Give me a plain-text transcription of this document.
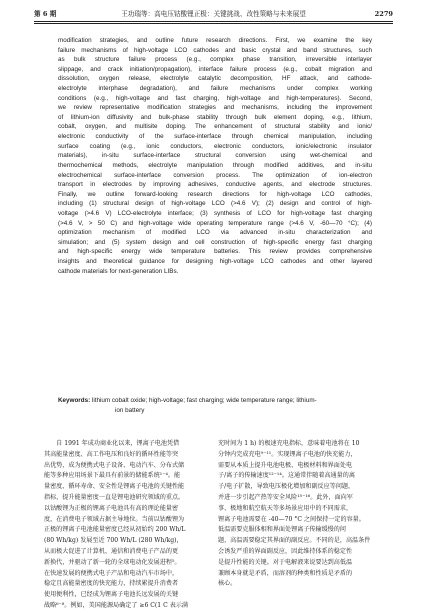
第 6 期	王功瑞等：高电压钴酸锂正极：关键挑战、改性策略与未来展望	2279
modification strategies, and outline future research directions. First, we examine the key
failure mechanisms of high-voltage LCO cathodes and basic crystal and band structures, such
as bulk structure failure process (e.g., complex phase transition, irreversible interlayer
slippage, and crack initiation/propagation), interface failure process (e.g., cobalt migration and
dissolution, oxygen release, electrolyte catalytic decomposition, HF attack, and cathode-
electrolyte interphase degradation), and failure mechanisms under complex working
conditions (e.g., high-voltage and fast charging, high-voltage and high-temperatures). Second,
we review representative modification strategies and mechanisms, including the improvement
of lithium-ion diffusivity and bulk-phase stability through bulk element doping, e.g., lithium,
cobalt, oxygen, and multisite doping. The enhancement of structural stability and ionic/
electronic conductivity of the surface-interface through chemical manipulation, including
surface coating (e.g., ionic conductors, electronic conductors, ionic/electronic insulator
materials), in-situ surface-interface structural conversion using wet-chemical and
thermochemical methods, electrolyte manipulation through modified additives, and in-situ
electrochemical surface-interface conversion process. The optimization of ion-electron
transport in electrodes by improving adhesives, conductive agents, and electrode structures.
Finally, we outline forward-looking research directions for high-voltage LCO cathodes,
including (1) structural design of high-voltage LCO (>4.6 V); (2) design and control of high-
voltage (>4.6 V) LCO-electrolyte interface; (3) synthesis of LCO for high-voltage fast charging
(>4.6 V, > 50 C) and high-voltage wide operating temperature range (>4.6 V, -60—70 °C); (4)
optimization mechanism of modified LCO via advanced in-situ characterization and
simulation; and (5) system design and cell construction of high-specific energy fast charging
and high-specific energy wide temperature batteries. This review provides comprehensive
insights and theoretical guidance for designing high-voltage LCO cathodes and other layered
cathode materials for next-generation LIBs.
Keywords: lithium cobalt oxide; high-voltage; fast charging; wide temperature range; lithium-
ion battery
　　自 1991 年成功商业化以来，锂离子电池凭借
其高能量密度、高工作电压和良好的循环性能等突
出优势，成为便携式电子设备、电动汽车、分布式储
能等多种应用场景下最具有前景的储能系统¹⁻⁴。能
量密度、循环寿命、安全性是锂离子电池的关键性能
指标，提升能量密度一直是锂电池研究领域的重点。
以钴酸锂为正极的锂离子电池具有高的理论能量密
度，在消费电子领域占据主导地位。当前以钴酸锂为
正极的锂离子电池能量密度已经从初始约 200 Wh/L
(80 Wh/kg) 发展至近 700 Wh/L (280 Wh/kg)，
从而极大促进了计算机、通信和消费电子产品的更
新换代，并驱动了新一轮的全球电动化发展进程⁵。
在快速发展的便携式电子产品和电动汽车市场中，
稳定且高能量密度的快充能力，持续累提升消费者
使用便利性，已经成为锂离子电池长远发展的关键
战略⁶⁻⁸。例如，美国能源局确定了 ≥6 C(1 C 表示满
充时间为 1 h) 的极速充电指标，意味着电池将在 10
分钟内完成充电⁹⁻¹¹。实现锂离子电池的快充能力，
需要从本质上提升电池电极、电极材料和界面处电
子/离子的传输速度¹²⁻¹⁴。这通常伴随着高通量的离
子/电子扩散，导致电压极化增加和副反应等问题，
并进一步引起产热等安全风险¹⁵⁻¹⁶。此外，面向军
事、极地和航空航天等多场景应用中的不同需求，
锂离子电池需要在 -40—70 °C 之间保持一定的容量。
低温需要克服体相和界面处锂离子传输缓慢的问
题，高温需要稳定其界面的副反应。不同的是，高温条件
会诱发严重的界面副反应，因此维持体系的稳定性
是提升性能的关键。对于电解液来说要达到高低温
兼顾本身就是矛盾，而溶剂的种类和性质是矛盾的
核心。
